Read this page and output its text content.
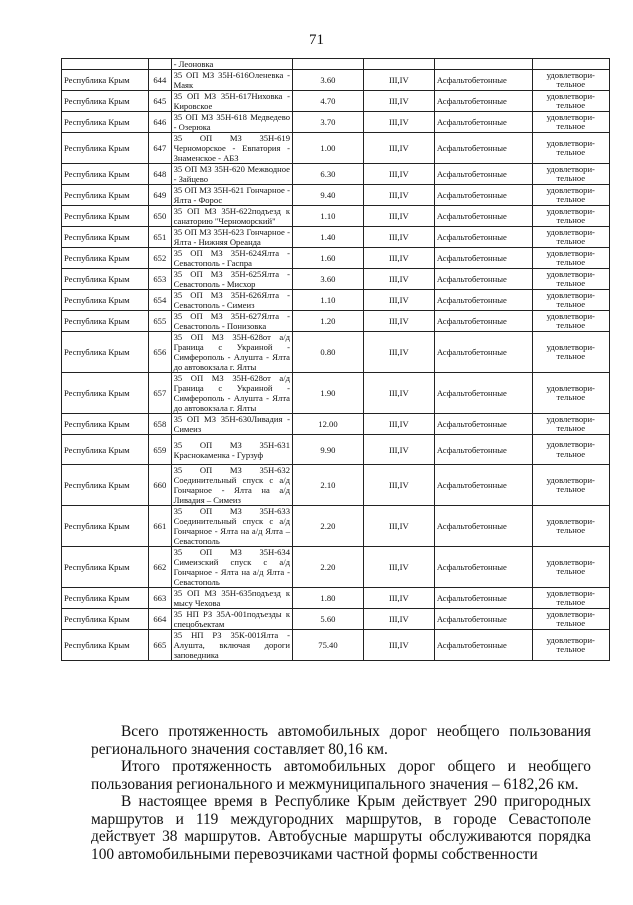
71
		- Леоновка				
Республика Крым	644	35 ОП МЗ 35Н-616Оленевка - Маяк	3.60	III,IV	Асфальтобетонные	удовлетвори-тельное
Республика Крым	645	35 ОП МЗ 35Н-617Ниховка - Кировское	4.70	III,IV	Асфальтобетонные	удовлетвори-тельное
Республика Крым	646	35 ОП МЗ 35Н-618 Медведево - Озерюка	3.70	III,IV	Асфальтобетонные	удовлетвори-тельное
Республика Крым	647	35 ОП МЗ 35Н-619 Черноморское - Евпатория - Знаменское - АБЗ	1.00	III,IV	Асфальтобетонные	удовлетвори-тельное
Республика Крым	648	35 ОП МЗ 35Н-620 Межводное - Зайцево	6.30	III,IV	Асфальтобетонные	удовлетвори-тельное
Республика Крым	649	35 ОП МЗ 35Н-621 Гончарное - Ялта - Форос	9.40	III,IV	Асфальтобетонные	удовлетвори-тельное
Республика Крым	650	35 ОП МЗ 35Н-622подъезд к санаторию "Черноморский"	1.10	III,IV	Асфальтобетонные	удовлетвори-тельное
Республика Крым	651	35 ОП МЗ 35Н-623 Гончарное - Ялта - Нижняя Ореанда	1.40	III,IV	Асфальтобетонные	удовлетвори-тельное
Республика Крым	652	35 ОП МЗ 35Н-624Ялта - Севастополь - Гаспра	1.60	III,IV	Асфальтобетонные	удовлетвори-тельное
Республика Крым	653	35 ОП МЗ 35Н-625Ялта - Севастополь - Мисхор	3.60	III,IV	Асфальтобетонные	удовлетвори-тельное
Республика Крым	654	35 ОП МЗ 35Н-626Ялта - Севастополь - Симеиз	1.10	III,IV	Асфальтобетонные	удовлетвори-тельное
Республика Крым	655	35 ОП МЗ 35Н-627Ялта - Севастополь - Понизовка	1.20	III,IV	Асфальтобетонные	удовлетвори-тельное
Республика Крым	656	35 ОП МЗ 35Н-628от а/д Граница с Украиной - Симферополь - Алушта - Ялта до автовокзала г. Ялты	0.80	III,IV	Асфальтобетонные	удовлетвори-тельное
Республика Крым	657	35 ОП МЗ 35Н-628от а/д Граница с Украиной - Симферополь - Алушта - Ялта до автовокзала г. Ялты	1.90	III,IV	Асфальтобетонные	удовлетвори-тельное
Республика Крым	658	35 ОП МЗ 35Н-630Ливадия - Симеиз	12.00	III,IV	Асфальтобетонные	удовлетвори-тельное
Республика Крым	659	35 ОП МЗ 35Н-631 Краснокаменка - Гурзуф	9.90	III,IV	Асфальтобетонные	удовлетвори-тельное
Республика Крым	660	35 ОП МЗ 35Н-632 Соединительный спуск с а/д Гончарное - Ялта на а/д Ливадия – Симеиз	2.10	III,IV	Асфальтобетонные	удовлетвори-тельное
Республика Крым	661	35 ОП МЗ 35Н-633 Соединительный спуск с а/д Гончарное - Ялта на а/д Ялта – Севастополь	2.20	III,IV	Асфальтобетонные	удовлетвори-тельное
Республика Крым	662	35 ОП МЗ 35Н-634 Симеизский спуск с а/д Гончарное - Ялта на а/д Ялта - Севастополь	2.20	III,IV	Асфальтобетонные	удовлетвори-тельное
Республика Крым	663	35 ОП МЗ 35Н-635подъезд к мысу Чехова	1.80	III,IV	Асфальтобетонные	удовлетвори-тельное
Республика Крым	664	35 НП РЗ 35А-001подъезды к спецобъектам	5.60	III,IV	Асфальтобетонные	удовлетвори-тельное
Республика Крым	665	35 НП РЗ 35К-001Ялта - Алушта, включая дороги заповедника	75.40	III,IV	Асфальтобетонные	удовлетвори-тельное

Всего протяженность автомобильных дорог необщего пользования регионального значения составляет 80,16 км.

Итого протяженность автомобильных дорог общего и необщего пользования регионального и межмуниципального значения – 6182,26 км.

В настоящее время в Республике Крым действует 290 пригородных маршрутов и 119 междугородних маршрутов, в городе Севастополе действует 38 маршрутов. Автобусные маршруты обслуживаются порядка 100 автомобильными перевозчиками частной формы собственности
